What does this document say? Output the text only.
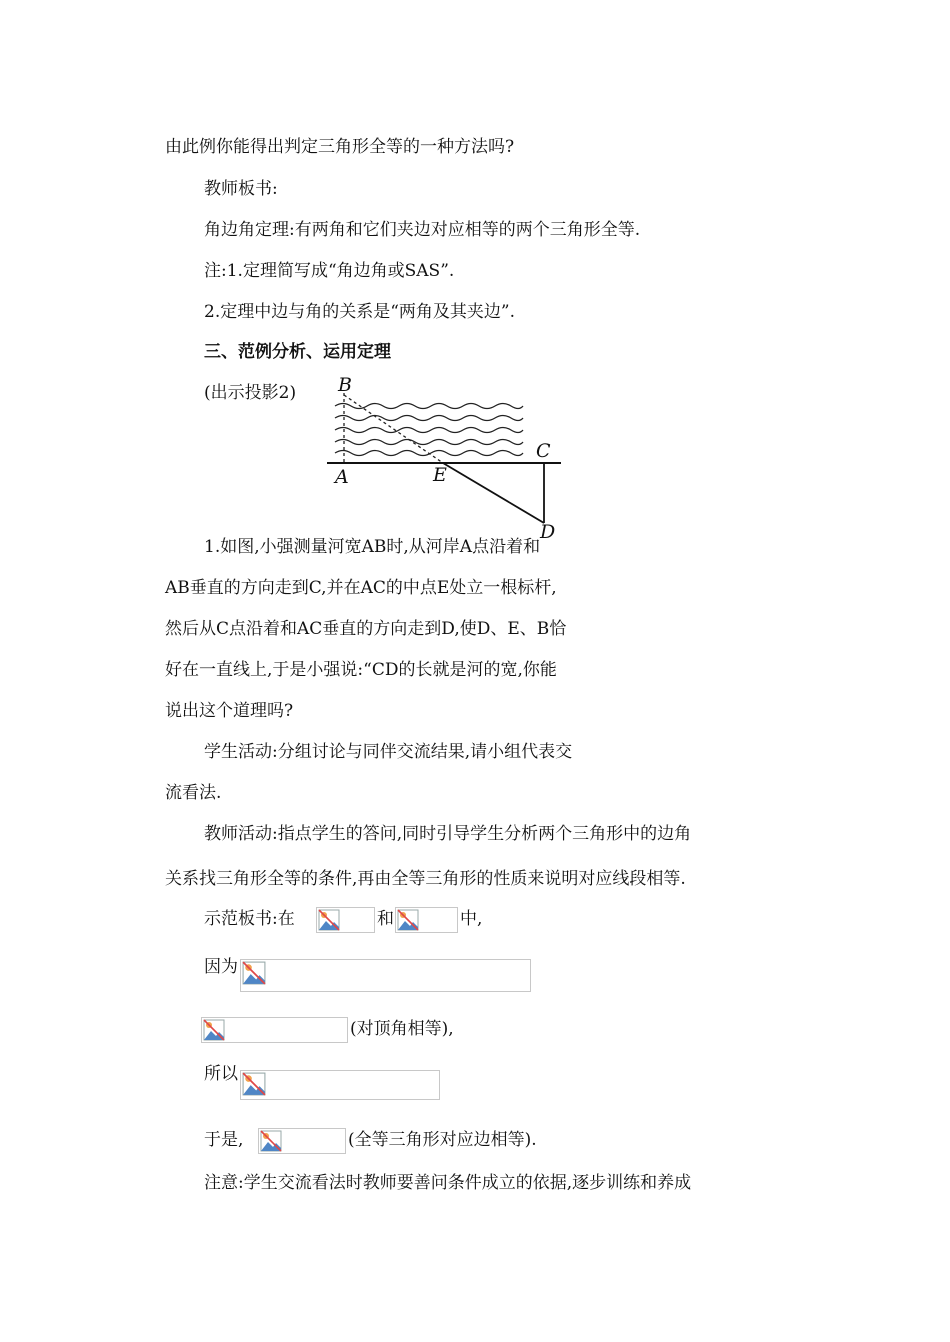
由此例你能得出判定三角形全等的一种方法吗?
教师板书:
角边角定理:有两角和它们夹边对应相等的两个三角形全等.
注:1.定理简写成“角边角或SAS”.
2.定理中边与角的关系是“两角及其夹边”.
三、范例分析、运用定理
(出示投影2) B
A	E
C
D
1.如图,小强测量河宽AB时,从河岸A点沿着和
AB垂直的方向走到C,并在AC的中点E处立一根标杆,
然后从C点沿着和AC垂直的方向走到D,使D、E、B恰
好在一直线上,于是小强说:“CD的长就是河的宽,你能
说出这个道理吗?
学生活动:分组讨论与同伴交流结果,请小组代表交
流看法.
教师活动:指点学生的答问,同时引导学生分析两个三角形中的边角
关系找三角形全等的条件,再由全等三角形的性质来说明对应线段相等.
示范板书:在	和	中,
因为
(对顶角相等),
所以
于是,	(全等三角形对应边相等).
注意:学生交流看法时教师要善问条件成立的依据,逐步训练和养成
